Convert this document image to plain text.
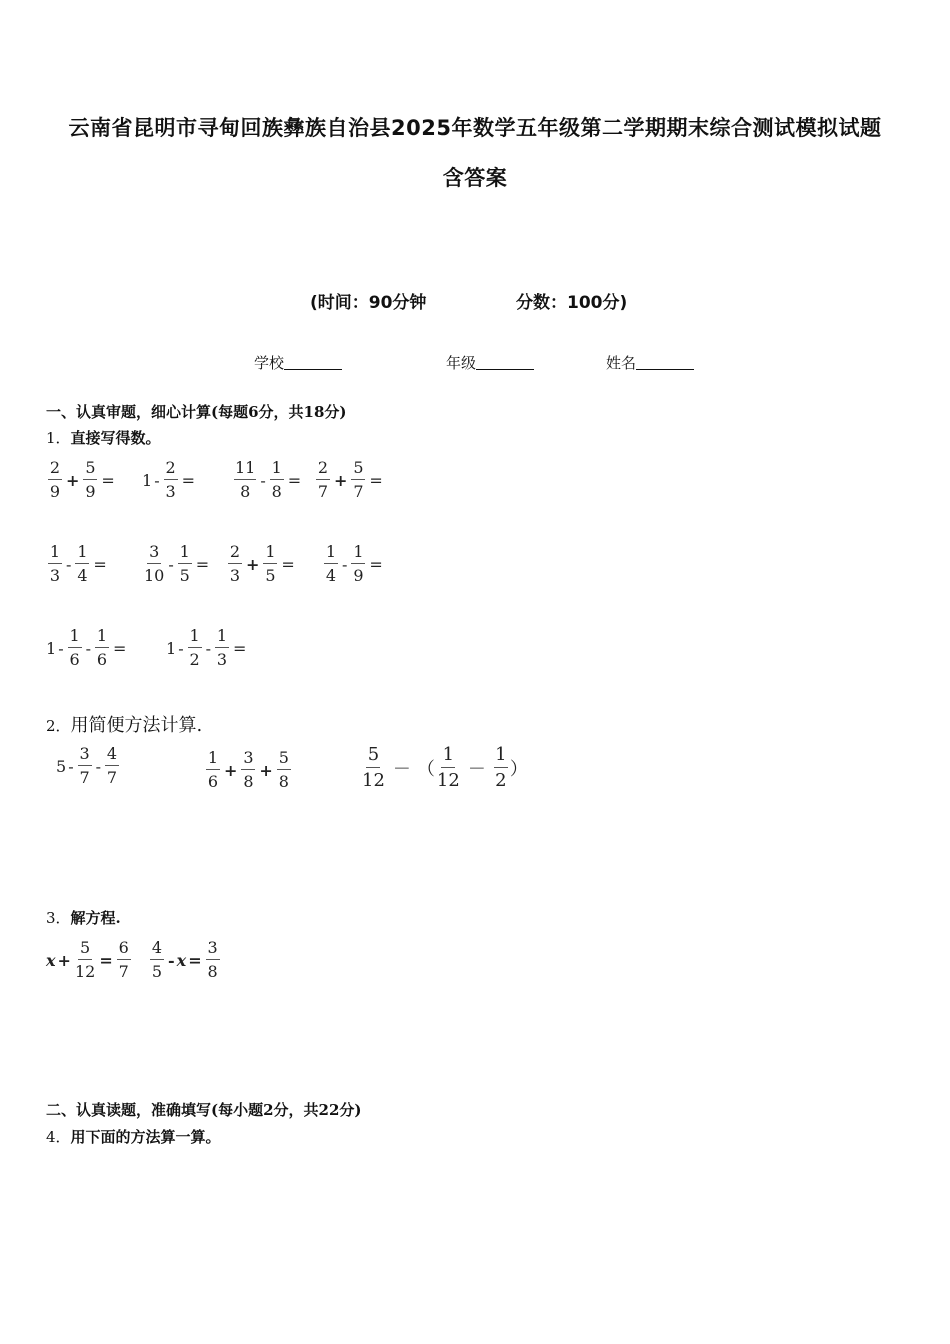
云南省昆明市寻甸回族彝族自治县2025年数学五年级第二学期期末综合测试模拟试题
含答案
(时间：90分钟	分数：100分)
学校	年级	姓名
一、认真审题，细心计算(每题6分，共18分)
1．直接写得数。
$\frac{2}{9} + \frac{5}{9} = 1 - \frac{2}{3} = \frac{11}{8} - \frac{1}{8} = \frac{2}{7} + \frac{5}{7}$ =
$\frac{1}{3} - \frac{1}{4} = \frac{3}{10} - \frac{1}{5} = \frac{2}{3} + \frac{1}{5} = \frac{1}{4} - \frac{1}{9}$ =
$1 - \frac{1}{6} - \frac{1}{6} = 1 - \frac{1}{2} - \frac{1}{3}$ =
2．用简便方法计算.
$5 - \frac{3}{7} - \frac{4}{7}$	$\frac{1}{6} + \frac{3}{8} + \frac{5}{8}$	$\frac{5}{12}$ － （ $\frac{1}{12} - \frac{1}{2}$ ）
3．解方程.
$x + \frac{5}{12} = \frac{6}{7} \frac{4}{5} - x = \frac{3}{8}$
二、认真读题，准确填写(每小题2分，共22分)
4．用下面的方法算一算。
